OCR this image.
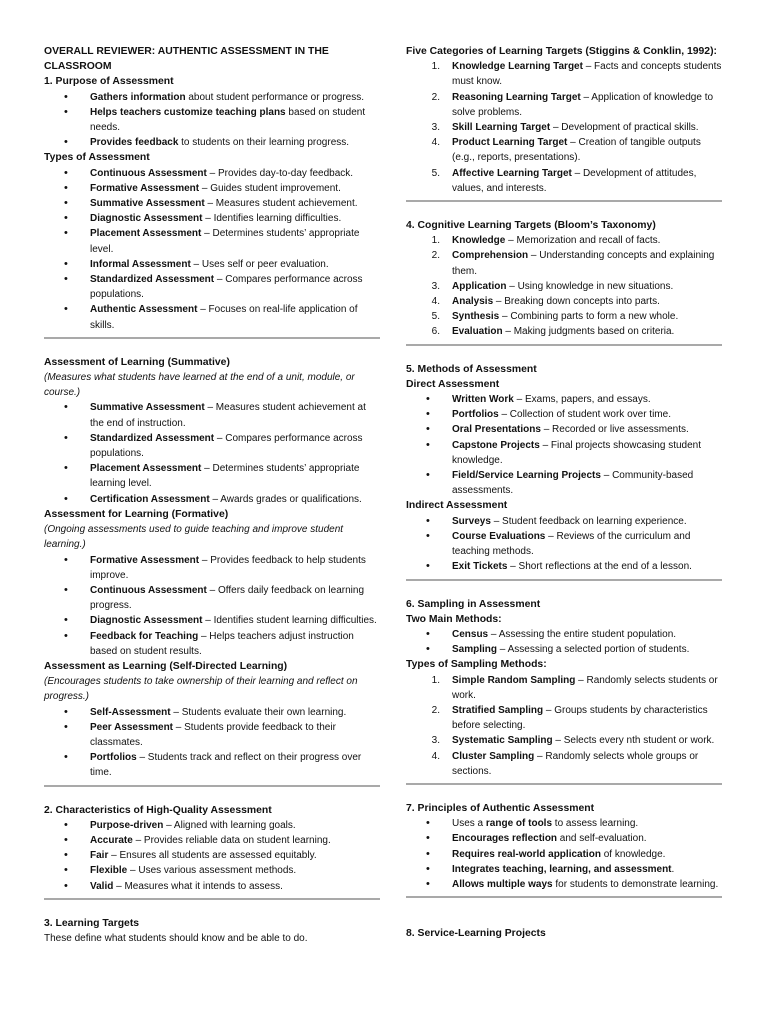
OVERALL REVIEWER: AUTHENTIC ASSESSMENT IN THE CLASSROOM
1. Purpose of Assessment
• Gathers information about student performance or progress.
• Helps teachers customize teaching plans based on student needs.
• Provides feedback to students on their learning progress.
Types of Assessment
• Continuous Assessment – Provides day-to-day feedback.
• Formative Assessment – Guides student improvement.
• Summative Assessment – Measures student achievement.
• Diagnostic Assessment – Identifies learning difficulties.
• Placement Assessment – Determines students’ appropriate level.
• Informal Assessment – Uses self or peer evaluation.
• Standardized Assessment – Compares performance across populations.
• Authentic Assessment – Focuses on real-life application of skills.
Assessment of Learning (Summative)
(Measures what students have learned at the end of a unit, module, or course.)
• Summative Assessment – Measures student achievement at the end of instruction.
• Standardized Assessment – Compares performance across populations.
• Placement Assessment – Determines students’ appropriate learning level.
• Certification Assessment – Awards grades or qualifications.
Assessment for Learning (Formative)
(Ongoing assessments used to guide teaching and improve student learning.)
• Formative Assessment – Provides feedback to help students improve.
• Continuous Assessment – Offers daily feedback on learning progress.
• Diagnostic Assessment – Identifies student learning difficulties.
• Feedback for Teaching – Helps teachers adjust instruction based on student results.
Assessment as Learning (Self-Directed Learning)
(Encourages students to take ownership of their learning and reflect on progress.)
• Self-Assessment – Students evaluate their own learning.
• Peer Assessment – Students provide feedback to their classmates.
• Portfolios – Students track and reflect on their progress over time.
2. Characteristics of High-Quality Assessment
• Purpose-driven – Aligned with learning goals.
• Accurate – Provides reliable data on student learning.
• Fair – Ensures all students are assessed equitably.
• Flexible – Uses various assessment methods.
• Valid – Measures what it intends to assess.
3. Learning Targets
These define what students should know and be able to do.
Five Categories of Learning Targets (Stiggins & Conklin, 1992):
1. Knowledge Learning Target – Facts and concepts students must know.
2. Reasoning Learning Target – Application of knowledge to solve problems.
3. Skill Learning Target – Development of practical skills.
4. Product Learning Target – Creation of tangible outputs (e.g., reports, presentations).
5. Affective Learning Target – Development of attitudes, values, and interests.
4. Cognitive Learning Targets (Bloom’s Taxonomy)
1. Knowledge – Memorization and recall of facts.
2. Comprehension – Understanding concepts and explaining them.
3. Application – Using knowledge in new situations.
4. Analysis – Breaking down concepts into parts.
5. Synthesis – Combining parts to form a new whole.
6. Evaluation – Making judgments based on criteria.
5. Methods of Assessment
Direct Assessment
• Written Work – Exams, papers, and essays.
• Portfolios – Collection of student work over time.
• Oral Presentations – Recorded or live assessments.
• Capstone Projects – Final projects showcasing student knowledge.
• Field/Service Learning Projects – Community-based assessments.
Indirect Assessment
• Surveys – Student feedback on learning experience.
• Course Evaluations – Reviews of the curriculum and teaching methods.
• Exit Tickets – Short reflections at the end of a lesson.
6. Sampling in Assessment
Two Main Methods:
• Census – Assessing the entire student population.
• Sampling – Assessing a selected portion of students.
Types of Sampling Methods:
1. Simple Random Sampling – Randomly selects students or work.
2. Stratified Sampling – Groups students by characteristics before selecting.
3. Systematic Sampling – Selects every nth student or work.
4. Cluster Sampling – Randomly selects whole groups or sections.
7. Principles of Authentic Assessment
• Uses a range of tools to assess learning.
• Encourages reflection and self-evaluation.
• Requires real-world application of knowledge.
• Integrates teaching, learning, and assessment.
• Allows multiple ways for students to demonstrate learning.
8. Service-Learning Projects
